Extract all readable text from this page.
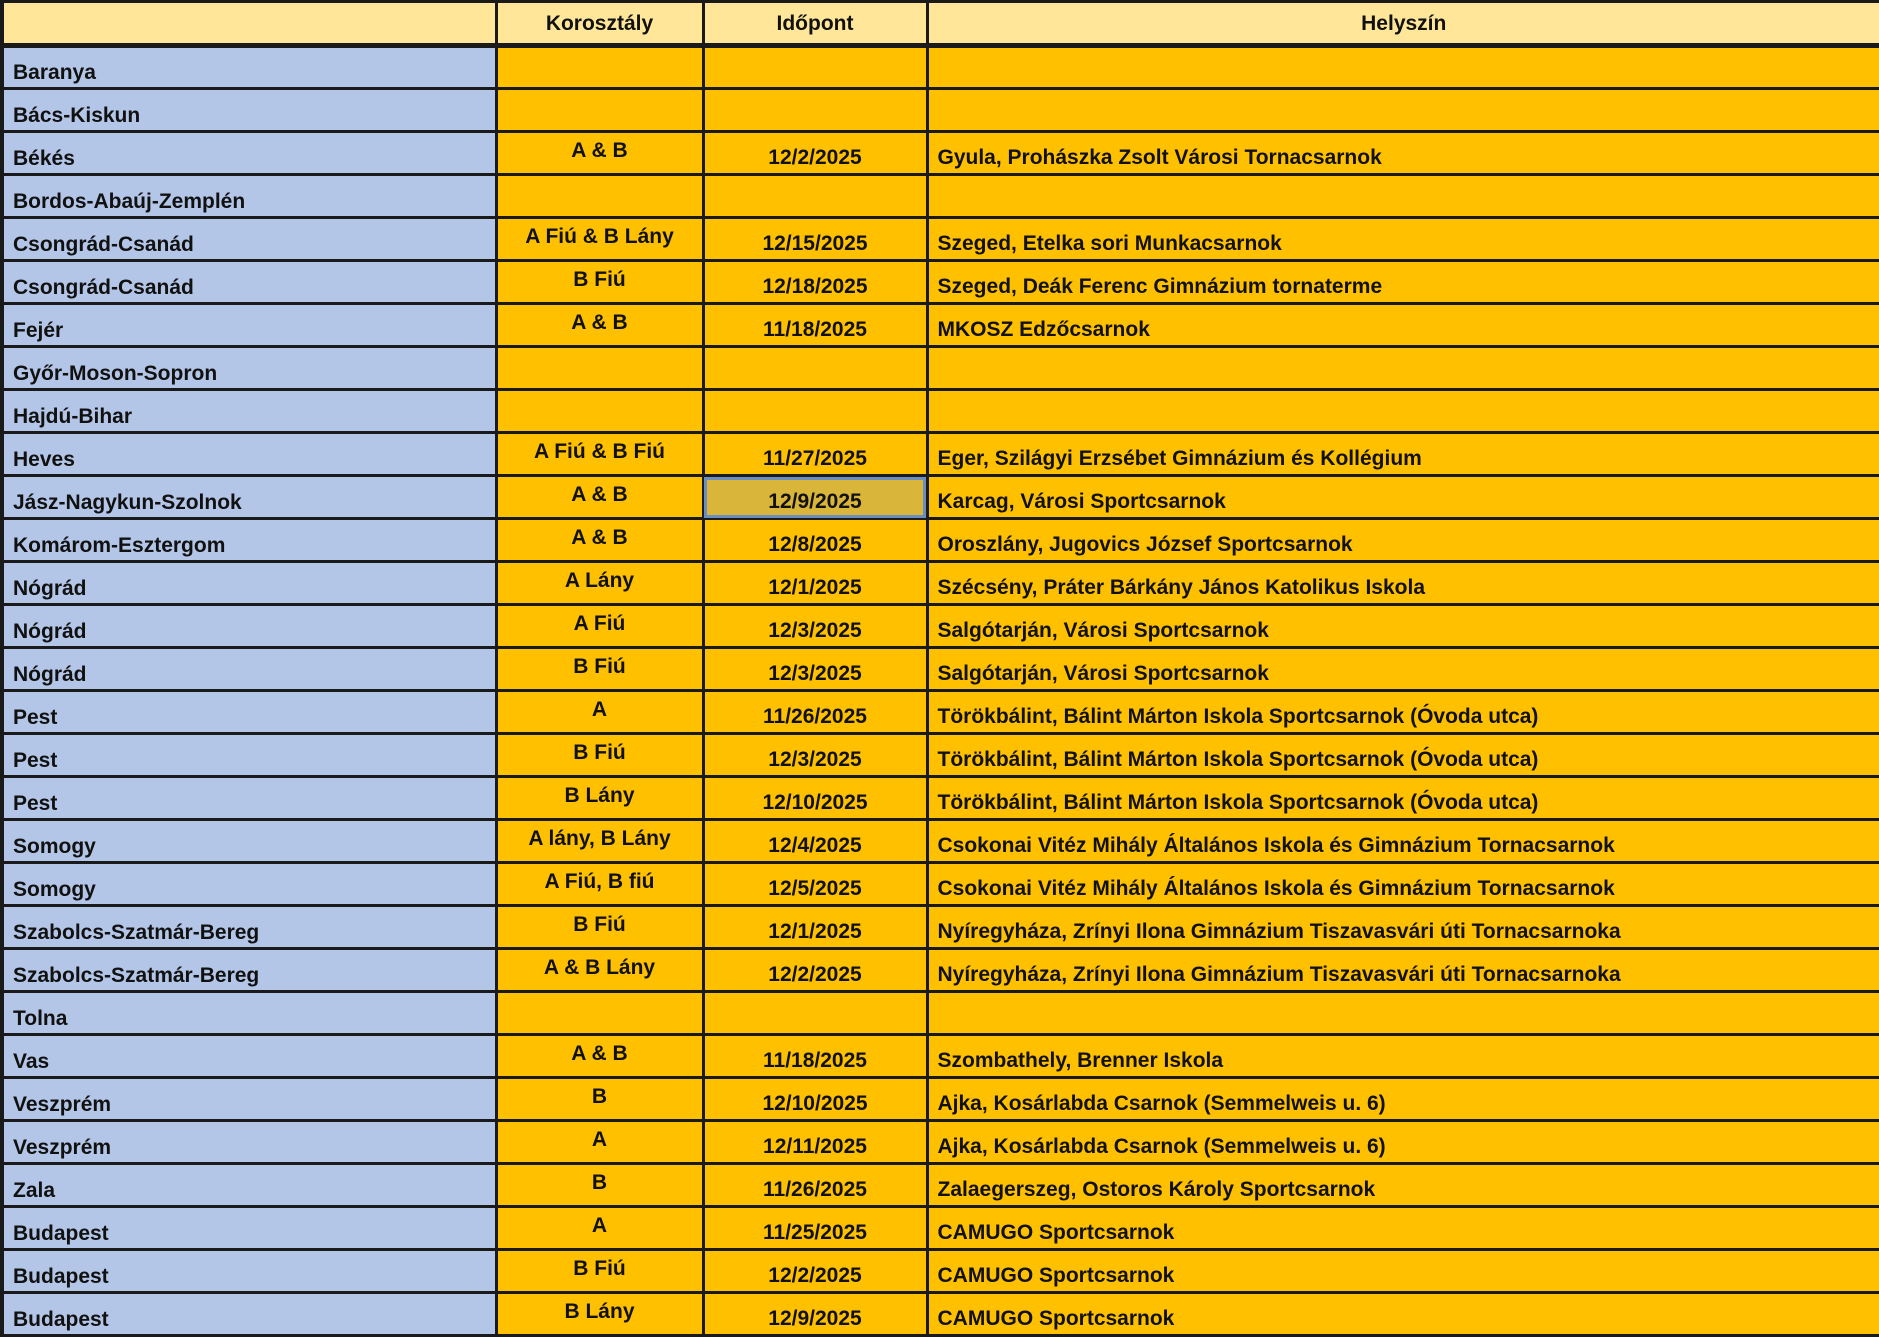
	Korosztály	Időpont	Helyszín
Baranya			
Bács-Kiskun			
Békés	A & B	12/2/2025	Gyula, Prohászka Zsolt Városi Tornacsarnok
Bordos-Abaúj-Zemplén			
Csongrád-Csanád	A Fiú & B Lány	12/15/2025	Szeged, Etelka sori Munkacsarnok
Csongrád-Csanád	B Fiú	12/18/2025	Szeged, Deák Ferenc Gimnázium tornaterme
Fejér	A & B	11/18/2025	MKOSZ Edzőcsarnok
Győr-Moson-Sopron			
Hajdú-Bihar			
Heves	A Fiú & B Fiú	11/27/2025	Eger, Szilágyi Erzsébet Gimnázium és Kollégium
Jász-Nagykun-Szolnok	A & B	12/9/2025	Karcag, Városi Sportcsarnok
Komárom-Esztergom	A & B	12/8/2025	Oroszlány, Jugovics József Sportcsarnok
Nógrád	A Lány	12/1/2025	Szécsény, Práter Bárkány János Katolikus Iskola
Nógrád	A Fiú	12/3/2025	Salgótarján, Városi Sportcsarnok
Nógrád	B Fiú	12/3/2025	Salgótarján, Városi Sportcsarnok
Pest	A	11/26/2025	Törökbálint, Bálint Márton Iskola Sportcsarnok (Óvoda utca)
Pest	B Fiú	12/3/2025	Törökbálint, Bálint Márton Iskola Sportcsarnok (Óvoda utca)
Pest	B Lány	12/10/2025	Törökbálint, Bálint Márton Iskola Sportcsarnok (Óvoda utca)
Somogy	A lány, B Lány	12/4/2025	Csokonai Vitéz Mihály Általános Iskola és Gimnázium Tornacsarnok
Somogy	A Fiú, B fiú	12/5/2025	Csokonai Vitéz Mihály Általános Iskola és Gimnázium Tornacsarnok
Szabolcs-Szatmár-Bereg	B Fiú	12/1/2025	Nyíregyháza, Zrínyi Ilona Gimnázium Tiszavasvári úti Tornacsarnoka
Szabolcs-Szatmár-Bereg	A & B Lány	12/2/2025	Nyíregyháza, Zrínyi Ilona Gimnázium Tiszavasvári úti Tornacsarnoka
Tolna			
Vas	A & B	11/18/2025	Szombathely, Brenner Iskola
Veszprém	B	12/10/2025	Ajka, Kosárlabda Csarnok (Semmelweis u. 6)
Veszprém	A	12/11/2025	Ajka, Kosárlabda Csarnok (Semmelweis u. 6)
Zala	B	11/26/2025	Zalaegerszeg, Ostoros Károly Sportcsarnok
Budapest	A	11/25/2025	CAMUGO Sportcsarnok
Budapest	B Fiú	12/2/2025	CAMUGO Sportcsarnok
Budapest	B Lány	12/9/2025	CAMUGO Sportcsarnok
